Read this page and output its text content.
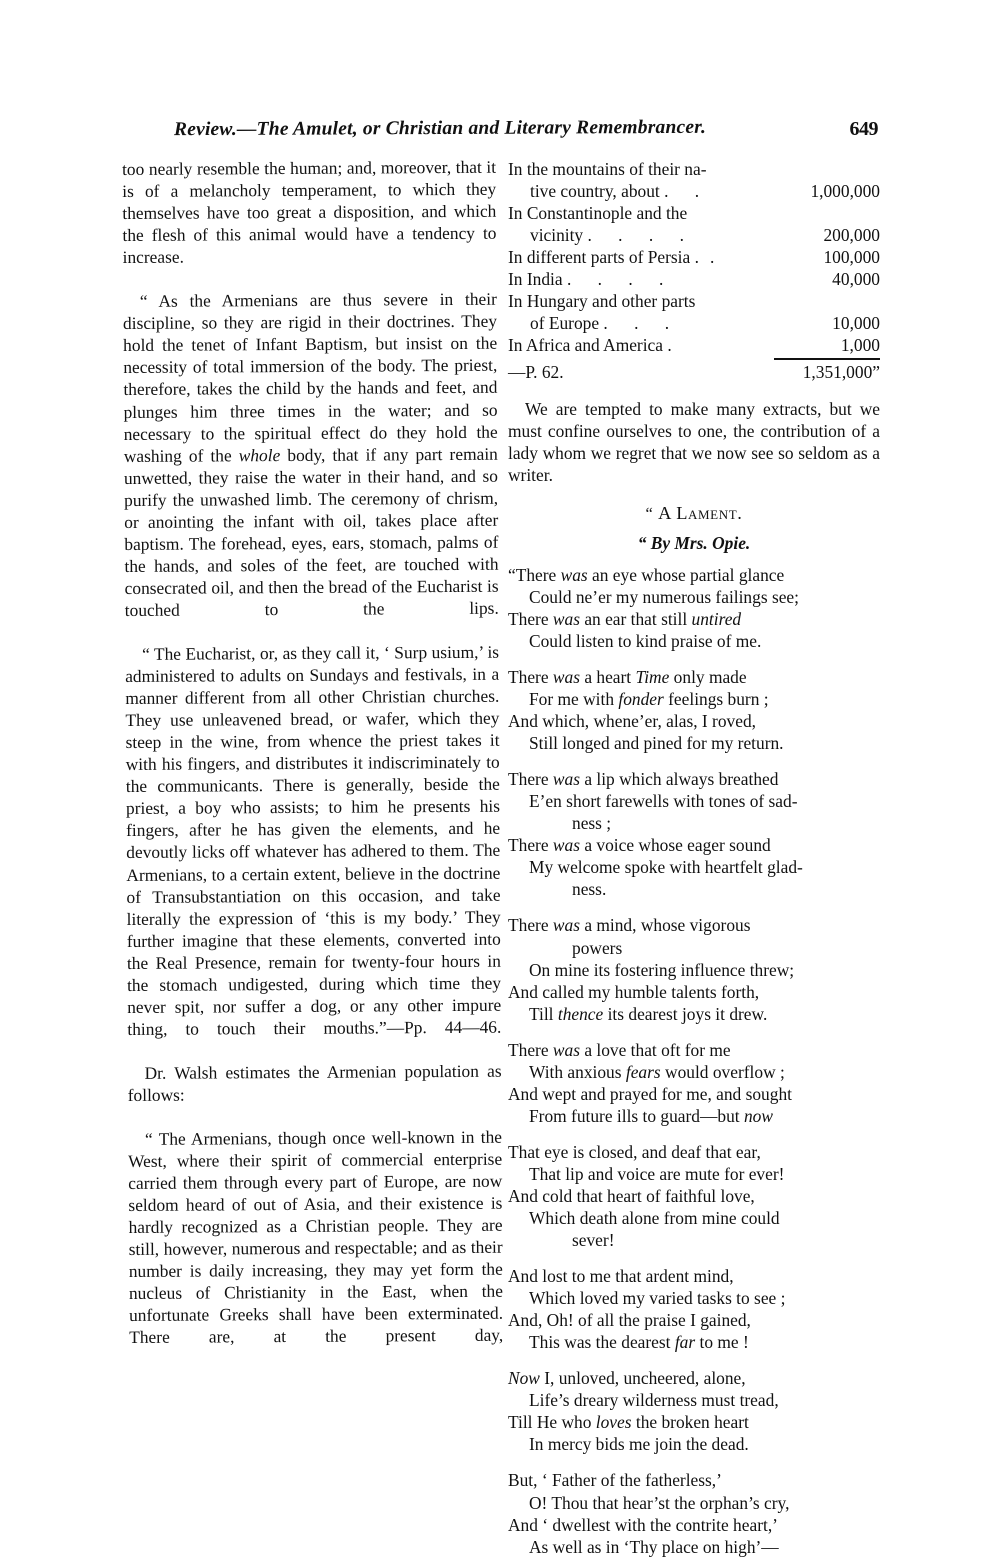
Review.—The Amulet, or Christian and Literary Remembrancer.	649

too nearly resemble the human; and, moreover, that it is of a melancholy temperament, to which they themselves have too great a disposition, and which the flesh of this animal would have a tendency to increase.

“ As the Armenians are thus severe in their discipline, so they are rigid in their doctrines. They hold the tenet of Infant Baptism, but insist on the necessity of total immersion of the body. The priest, therefore, takes the child by the hands and feet, and plunges him three times in the water; and so necessary to the spiritual effect do they hold the washing of the whole body, that if any part remain unwetted, they raise the water in their hand, and so purify the unwashed limb. The ceremony of chrism, or anointing the infant with oil, takes place after baptism. The forehead, eyes, ears, stomach, palms of the hands, and soles of the feet, are touched with consecrated oil, and then the bread of the Eucharist is touched to the lips.

“ The Eucharist, or, as they call it, ‘ Surp usium,’ is administered to adults on Sundays and festivals, in a manner different from all other Christian churches. They use unleavened bread, or wafer, which they steep in the wine, from whence the priest takes it with his fingers, and distributes it indiscriminately to the communicants. There is generally, beside the priest, a boy who assists; to him he presents his fingers, after he has given the elements, and he devoutly licks off whatever has adhered to them. The Armenians, to a certain extent, believe in the doctrine of Transubstantiation on this occasion, and take literally the expression of ‘this is my body.’ They further imagine that these elements, converted into the Real Presence, remain for twenty-four hours in the stomach undigested, during which time they never spit, nor suffer a dog, or any other impure thing, to touch their mouths.”—Pp. 44—46.

Dr. Walsh estimates the Armenian population as follows:

“ The Armenians, though once well-known in the West, where their spirit of commercial enterprise carried them through every part of Europe, are now seldom heard of out of Asia, and their existence is hardly recognized as a Christian people. They are still, however, numerous and respectable; and as their number is daily increasing, they may yet form the nucleus of Christianity in the East, when the unfortunate Greeks shall have been exterminated. There are, at the present day,

In the mountains of their na-
tive country, about . .	1,000,000

In Constantinople and the
vicinity . . . .	200,000

In different parts of Persia ..	100,000

In India . . . .	40,000

In Hungary and other parts
of Europe . . .	10,000

In Africa and America .	1,000

	1,351,000”

—P. 62.

We are tempted to make many extracts, but we must confine ourselves to one, the contribution of a lady whom we regret that we now see so seldom as a writer.

“ A Lament.

“ By Mrs. Opie.

“There was an eye whose partial glance
Could ne’er my numerous failings see;
There was an ear that still untired
Could listen to kind praise of me.
There was a heart Time only made
For me with fonder feelings burn ;
And which, whene’er, alas, I roved,
Still longed and pined for my return.
There was a lip which always breathed
E’en short farewells with tones of sad-
ness ;
There was a voice whose eager sound
My welcome spoke with heartfelt glad-
ness.
There was a mind, whose vigorous
powers
On mine its fostering influence threw;
And called my humble talents forth,
Till thence its dearest joys it drew.
There was a love that oft for me
With anxious fears would overflow ;
And wept and prayed for me, and sought
From future ills to guard—but now
That eye is closed, and deaf that ear,
That lip and voice are mute for ever!
And cold that heart of faithful love,
Which death alone from mine could
sever!
And lost to me that ardent mind,
Which loved my varied tasks to see ;
And, Oh! of all the praise I gained,
This was the dearest far to me !
Now I, unloved, uncheered, alone,
Life’s dreary wilderness must tread,
Till He who loves the broken heart
In mercy bids me join the dead.
But, ‘ Father of the fatherless,’
O! Thou that hear’st the orphan’s cry,
And ‘ dwellest with the contrite heart,’
As well as in ‘Thy place on high’—
